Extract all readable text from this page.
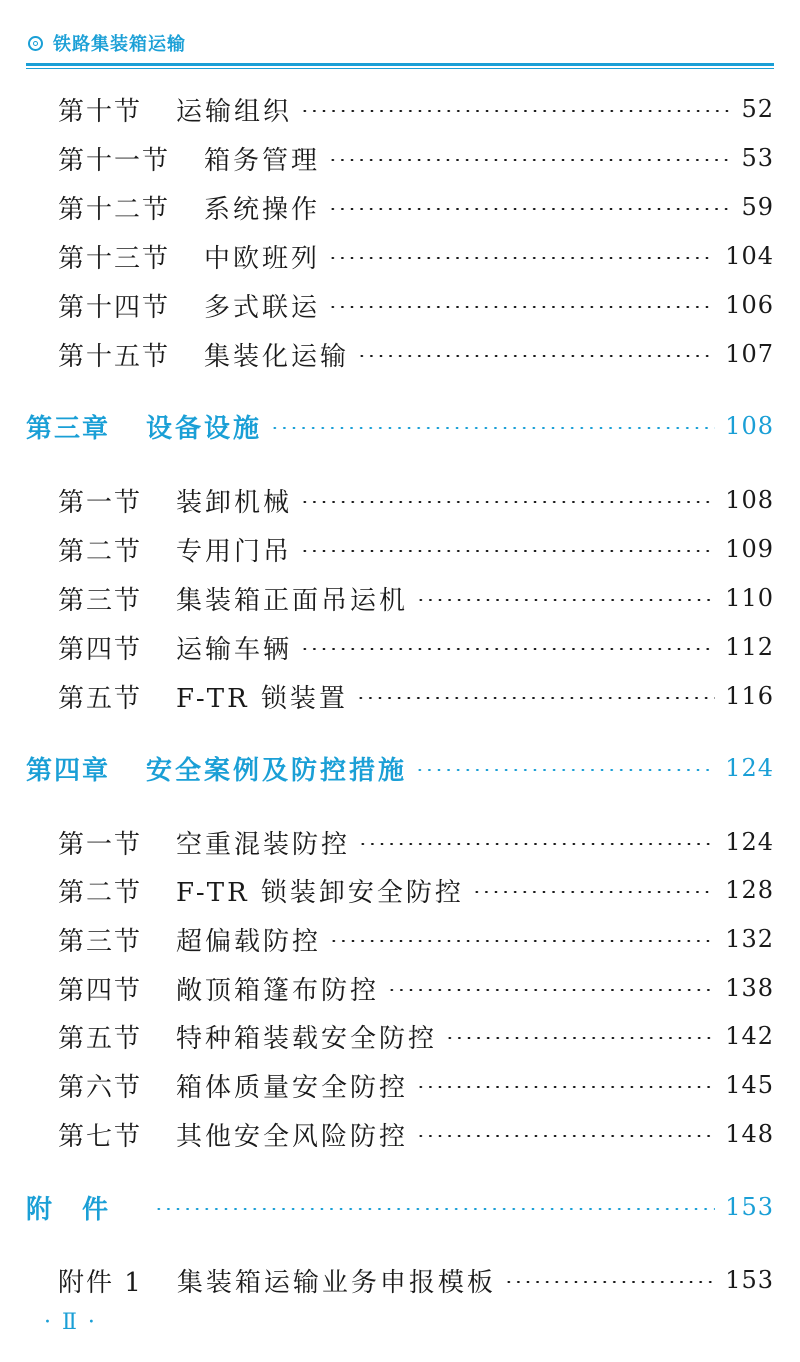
铁路集装箱运输
第十节 运输组织	52
第十一节 箱务管理	53
第十二节 系统操作	59
第十三节 中欧班列	104
第十四节 多式联运	106
第十五节 集装化运输	107
第三章 设备设施	108
第一节 装卸机械	108
第二节 专用门吊	109
第三节 集装箱正面吊运机	110
第四节 运输车辆	112
第五节 F-TR 锁装置	116
第四章 安全案例及防控措施	124
第一节 空重混装防控	124
第二节 F-TR 锁装卸安全防控	128
第三节 超偏载防控	132
第四节 敞顶箱篷布防控	138
第五节 特种箱装载安全防控	142
第六节 箱体质量安全防控	145
第七节 其他安全风险防控	148
附　件	153
附件 1 集装箱运输业务申报模板	153
· Ⅱ ·
